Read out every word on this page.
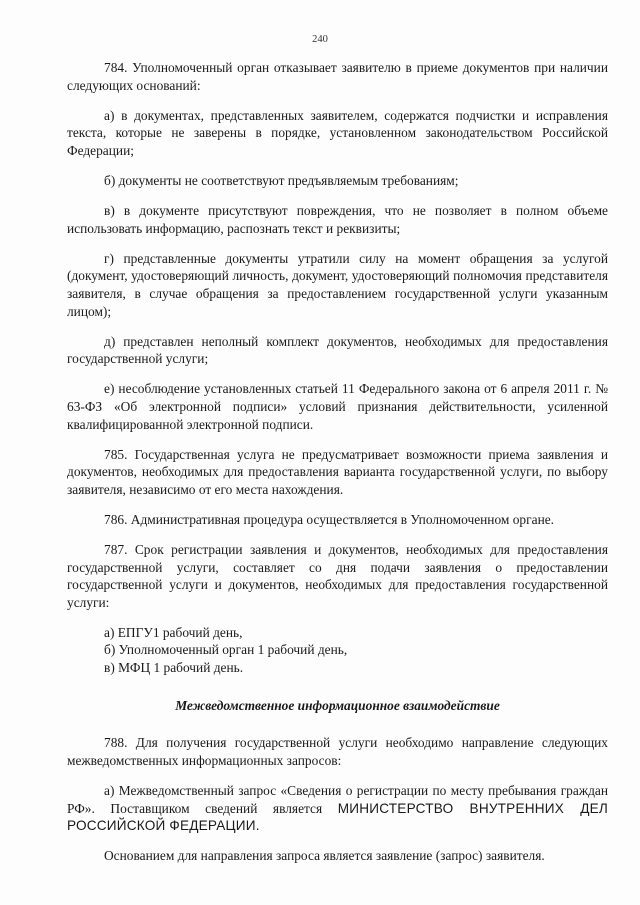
240

784. Уполномоченный орган отказывает заявителю в приеме документов при наличии следующих оснований:

а) в документах, представленных заявителем, содержатся подчистки и исправления текста, которые не заверены в порядке, установленном законодательством Российской Федерации;

б) документы не соответствуют предъявляемым требованиям;

в) в документе присутствуют повреждения, что не позволяет в полном объеме использовать информацию, распознать текст и реквизиты;

г) представленные документы утратили силу на момент обращения за услугой (документ, удостоверяющий личность, документ, удостоверяющий полномочия представителя заявителя, в случае обращения за предоставлением государственной услуги указанным лицом);

д) представлен неполный комплект документов, необходимых для предоставления государственной услуги;

е) несоблюдение установленных статьей 11 Федерального закона от 6 апреля 2011 г. № 63-ФЗ «Об электронной подписи» условий признания действительности, усиленной квалифицированной электронной подписи.

785. Государственная услуга не предусматривает возможности приема заявления и документов, необходимых для предоставления варианта государственной услуги, по выбору заявителя, независимо от его места нахождения.

786. Административная процедура осуществляется в Уполномоченном органе.

787. Срок регистрации заявления и документов, необходимых для предоставления государственной услуги, составляет со дня подачи заявления о предоставлении государственной услуги и документов, необходимых для предоставления государственной услуги:

а) ЕПГУ1 рабочий день,

б) Уполномоченный орган 1 рабочий день,

в) МФЦ 1 рабочий день.

Межведомственное информационное взаимодействие

788. Для получения государственной услуги необходимо направление следующих межведомственных информационных запросов:

а) Межведомственный запрос «Сведения о регистрации по месту пребывания граждан РФ». Поставщиком сведений является МИНИСТЕРСТВО ВНУТРЕННИХ ДЕЛ РОССИЙСКОЙ ФЕДЕРАЦИИ.

Основанием для направления запроса является заявление (запрос) заявителя.
